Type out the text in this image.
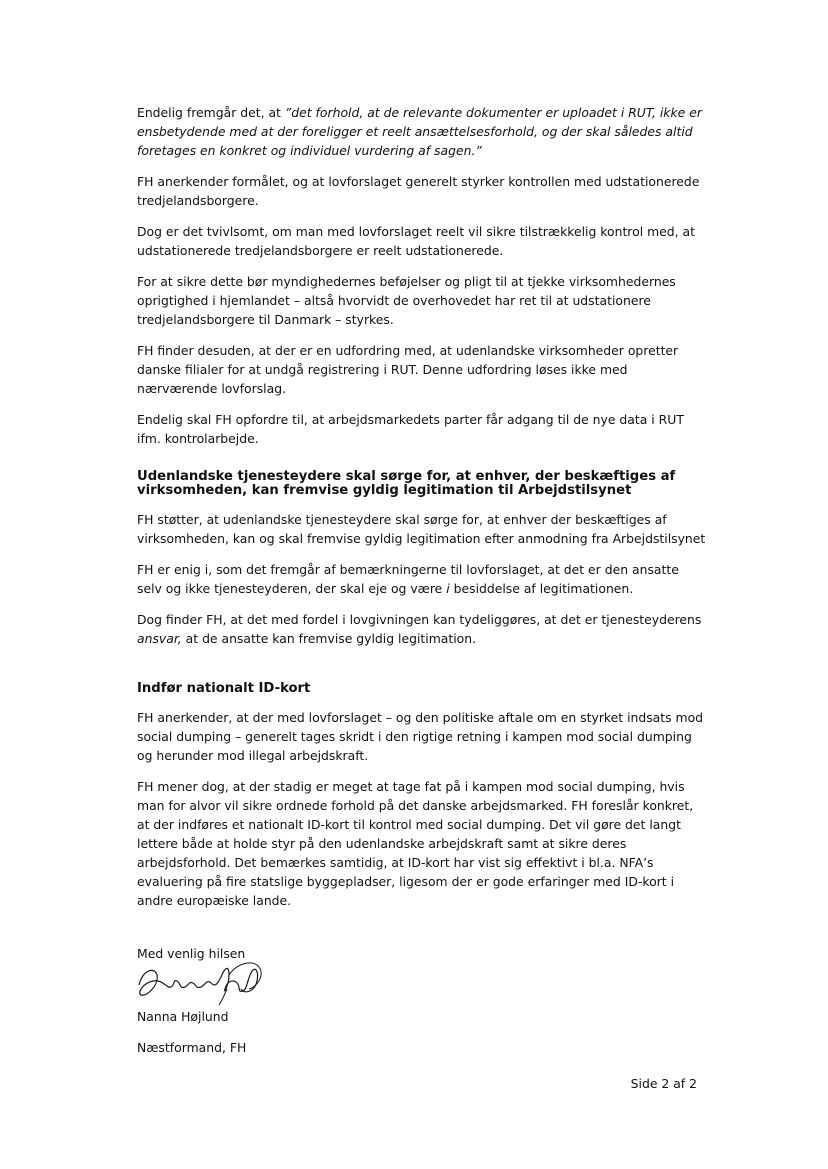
Endelig fremgår det, at ”det forhold, at de relevante dokumenter er uploadet i RUT, ikke er ensbetydende med at der foreligger et reelt ansættelsesforhold, og der skal således altid foretages en konkret og individuel vurdering af sagen.”

FH anerkender formålet, og at lovforslaget generelt styrker kontrollen med udstationerede tredjelandsborgere.

Dog er det tvivlsomt, om man med lovforslaget reelt vil sikre tilstrækkelig kontrol med, at udstationerede tredjelandsborgere er reelt udstationerede.

For at sikre dette bør myndighedernes beføjelser og pligt til at tjekke virksomhedernes oprigtighed i hjemlandet – altså hvorvidt de overhovedet har ret til at udstationere tredjelandsborgere til Danmark – styrkes.

FH finder desuden, at der er en udfordring med, at udenlandske virksomheder opretter danske filialer for at undgå registrering i RUT. Denne udfordring løses ikke med nærværende lovforslag.

Endelig skal FH opfordre til, at arbejdsmarkedets parter får adgang til de nye data i RUT ifm. kontrolarbejde.

Udenlandske tjenesteydere skal sørge for, at enhver, der beskæftiges af virksomheden, kan fremvise gyldig legitimation til Arbejdstilsynet

FH støtter, at udenlandske tjenesteydere skal sørge for, at enhver der beskæftiges af virksomheden, kan og skal fremvise gyldig legitimation efter anmodning fra Arbejdstilsynet

FH er enig i, som det fremgår af bemærkningerne til lovforslaget, at det er den ansatte selv og ikke tjenesteyderen, der skal eje og være i besiddelse af legitimationen.

Dog finder FH, at det med fordel i lovgivningen kan tydeliggøres, at det er tjenesteyderens ansvar, at de ansatte kan fremvise gyldig legitimation.

Indfør nationalt ID-kort

FH anerkender, at der med lovforslaget – og den politiske aftale om en styrket indsats mod social dumping – generelt tages skridt i den rigtige retning i kampen mod social dumping og herunder mod illegal arbejdskraft.

FH mener dog, at der stadig er meget at tage fat på i kampen mod social dumping, hvis man for alvor vil sikre ordnede forhold på det danske arbejdsmarked. FH foreslår konkret, at der indføres et nationalt ID-kort til kontrol med social dumping. Det vil gøre det langt lettere både at holde styr på den udenlandske arbejdskraft samt at sikre deres arbejdsforhold. Det bemærkes samtidig, at ID-kort har vist sig effektivt i bl.a. NFA’s evaluering på fire statslige byggepladser, ligesom der er gode erfaringer med ID-kort i andre europæiske lande.

Med venlig hilsen

Nanna Højlund

Næstformand, FH

Side 2 af 2
